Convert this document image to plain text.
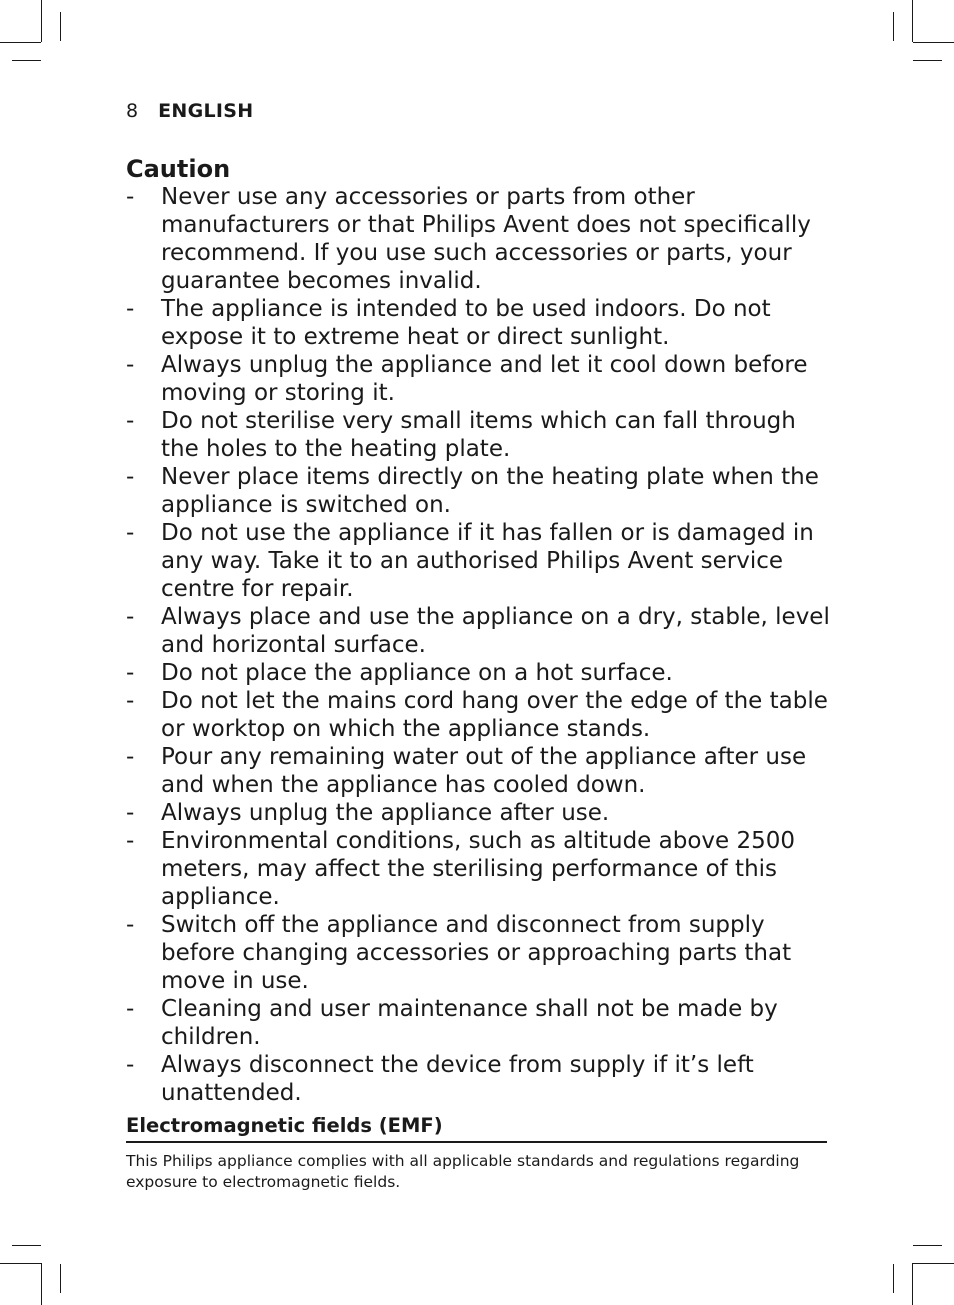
8 ENGLISH
Caution
- Never use any accessories or parts from other manufacturers or that Philips Avent does not specifically recommend. If you use such accessories or parts, your guarantee becomes invalid.
- The appliance is intended to be used indoors. Do not expose it to extreme heat or direct sunlight.
- Always unplug the appliance and let it cool down before moving or storing it.
- Do not sterilise very small items which can fall through the holes to the heating plate.
- Never place items directly on the heating plate when the appliance is switched on.
- Do not use the appliance if it has fallen or is damaged in any way. Take it to an authorised Philips Avent service centre for repair.
- Always place and use the appliance on a dry, stable, level and horizontal surface.
- Do not place the appliance on a hot surface.
- Do not let the mains cord hang over the edge of the table or worktop on which the appliance stands.
- Pour any remaining water out of the appliance after use and when the appliance has cooled down.
- Always unplug the appliance after use.
- Environmental conditions, such as altitude above 2500 meters, may affect the sterilising performance of this appliance.
- Switch off the appliance and disconnect from supply before changing accessories or approaching parts that move in use.
- Cleaning and user maintenance shall not be made by children.
- Always disconnect the device from supply if it’s left unattended.
Electromagnetic fields (EMF)
This Philips appliance complies with all applicable standards and regulations regarding exposure to electromagnetic fields.
